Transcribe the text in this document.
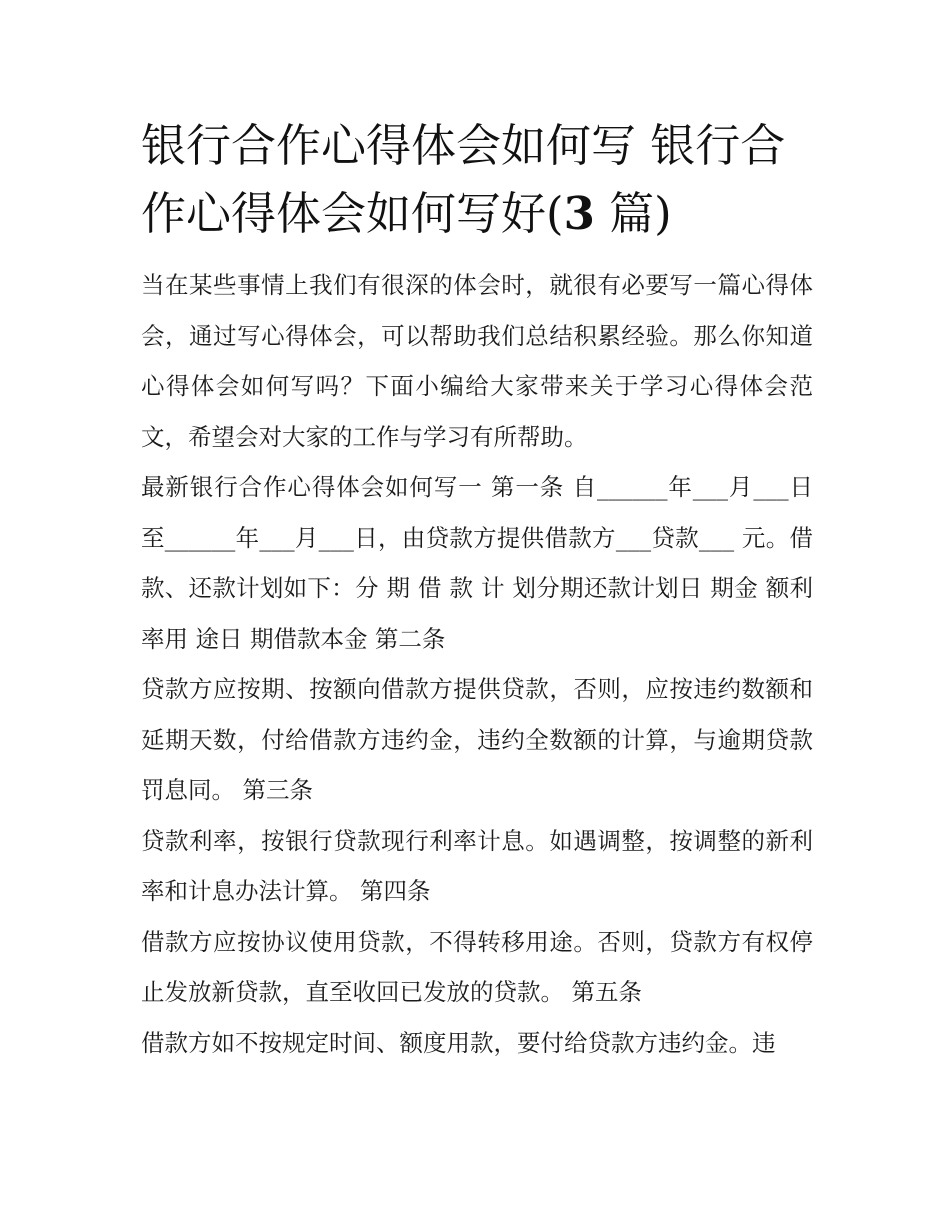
银行合作心得体会如何写 银行合作心得体会如何写好(3 篇)

当在某些事情上我们有很深的体会时，就很有必要写一篇心得体会，通过写心得体会，可以帮助我们总结积累经验。那么你知道心得体会如何写吗？下面小编给大家带来关于学习心得体会范文，希望会对大家的工作与学习有所帮助。

最新银行合作心得体会如何写一 第一条 自______年___月___日至______年___月___日，由贷款方提供借款方___贷款___ 元。借款、还款计划如下：分 期 借 款 计 划分期还款计划日 期金 额利 率用 途日 期借款本金 第二条

贷款方应按期、按额向借款方提供贷款，否则，应按违约数额和延期天数，付给借款方违约金，违约全数额的计算，与逾期贷款罚息同。 第三条

贷款利率，按银行贷款现行利率计息。如遇调整，按调整的新利率和计息办法计算。 第四条

借款方应按协议使用贷款，不得转移用途。否则，贷款方有权停止发放新贷款，直至收回已发放的贷款。 第五条

借款方如不按规定时间、额度用款，要付给贷款方违约金。违
